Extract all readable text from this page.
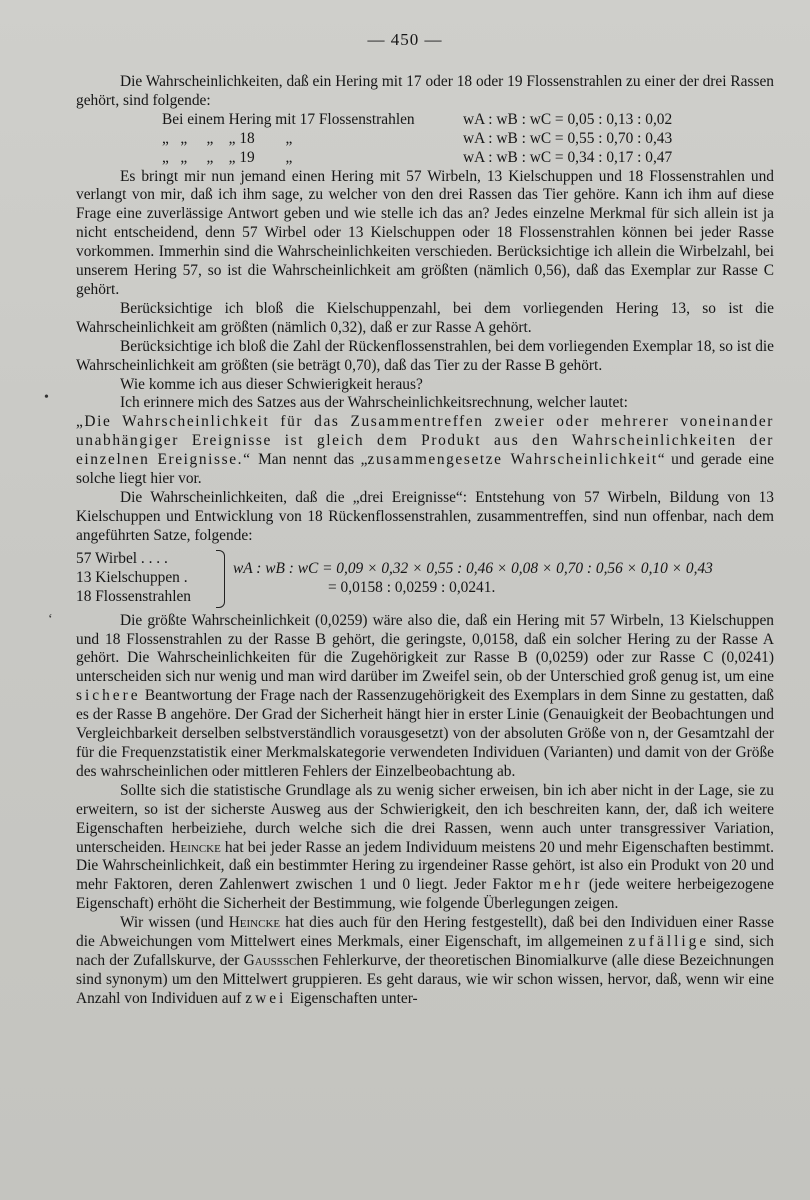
— 450 —
•
ʻ

Die Wahrscheinlichkeiten, daß ein Hering mit 17 oder 18 oder 19 Flossenstrahlen zu einer der drei Rassen gehört, sind folgende:

Bei einem Hering mit 17 Flossenstrahlen	wA : wB : wC = 0,05 : 0,13 : 0,02
„   „     „    „ 18        „	wA : wB : wC = 0,55 : 0,70 : 0,43
„   „     „    „ 19        „	wA : wB : wC = 0,34 : 0,17 : 0,47

Es bringt mir nun jemand einen Hering mit 57 Wirbeln, 13 Kielschuppen und 18 Flossenstrahlen und verlangt von mir, daß ich ihm sage, zu welcher von den drei Rassen das Tier gehöre. Kann ich ihm auf diese Frage eine zuverlässige Antwort geben und wie stelle ich das an? Jedes einzelne Merkmal für sich allein ist ja nicht entscheidend, denn 57 Wirbel oder 13 Kielschuppen oder 18 Flossenstrahlen können bei jeder Rasse vorkommen. Immerhin sind die Wahrscheinlichkeiten verschieden. Berücksichtige ich allein die Wirbelzahl, bei unserem Hering 57, so ist die Wahrscheinlichkeit am größten (nämlich 0,56), daß das Exemplar zur Rasse C gehört.

Berücksichtige ich bloß die Kielschuppenzahl, bei dem vorliegenden Hering 13, so ist die Wahrscheinlichkeit am größten (nämlich 0,32), daß er zur Rasse A gehört.

Berücksichtige ich bloß die Zahl der Rückenflossenstrahlen, bei dem vorliegenden Exemplar 18, so ist die Wahrscheinlichkeit am größten (sie beträgt 0,70), daß das Tier zu der Rasse B gehört.

Wie komme ich aus dieser Schwierigkeit heraus?

Ich erinnere mich des Satzes aus der Wahrscheinlichkeitsrechnung, welcher lautet:

„Die Wahrscheinlichkeit für das Zusammentreffen zweier oder mehrerer voneinander unabhängiger Ereignisse ist gleich dem Produkt aus den Wahrscheinlichkeiten der einzelnen Ereignisse.“ Man nennt das „zusammengesetze Wahrscheinlichkeit“ und gerade eine solche liegt hier vor.

Die Wahrscheinlichkeiten, daß die „drei Ereignisse“: Entstehung von 57 Wirbeln, Bildung von 13 Kielschuppen und Entwicklung von 18 Rückenflossenstrahlen, zusammentreffen, sind nun offenbar, nach dem angeführten Satze, folgende:

57 Wirbel . . . .
13 Kielschuppen .
18 Flossenstrahlen
wA : wB : wC = 0,09 × 0,32 × 0,55 : 0,46 × 0,08 × 0,70 : 0,56 × 0,10 × 0,43
= 0,0158 : 0,0259 : 0,0241.

Die größte Wahrscheinlichkeit (0,0259) wäre also die, daß ein Hering mit 57 Wirbeln, 13 Kielschuppen und 18 Flossenstrahlen zu der Rasse B gehört, die geringste, 0,0158, daß ein solcher Hering zu der Rasse A gehört. Die Wahrscheinlichkeiten für die Zugehörigkeit zur Rasse B (0,0259) oder zur Rasse C (0,0241) unterscheiden sich nur wenig und man wird darüber im Zweifel sein, ob der Unterschied groß genug ist, um eine sichere Beantwortung der Frage nach der Rassenzugehörigkeit des Exemplars in dem Sinne zu gestatten, daß es der Rasse B angehöre. Der Grad der Sicherheit hängt hier in erster Linie (Genauigkeit der Beobachtungen und Vergleichbarkeit derselben selbstverständlich vorausgesetzt) von der absoluten Größe von n, der Gesamtzahl der für die Frequenzstatistik einer Merkmalskategorie verwendeten Individuen (Varianten) und damit von der Größe des wahrscheinlichen oder mittleren Fehlers der Einzelbeobachtung ab.

Sollte sich die statistische Grundlage als zu wenig sicher erweisen, bin ich aber nicht in der Lage, sie zu erweitern, so ist der sicherste Ausweg aus der Schwierigkeit, den ich beschreiten kann, der, daß ich weitere Eigenschaften herbeiziehe, durch welche sich die drei Rassen, wenn auch unter transgressiver Variation, unterscheiden. Heincke hat bei jeder Rasse an jedem Individuum meistens 20 und mehr Eigenschaften bestimmt. Die Wahrscheinlichkeit, daß ein bestimmter Hering zu irgendeiner Rasse gehört, ist also ein Produkt von 20 und mehr Faktoren, deren Zahlenwert zwischen 1 und 0 liegt. Jeder Faktor mehr (jede weitere herbeigezogene Eigenschaft) erhöht die Sicherheit der Bestimmung, wie folgende Überlegungen zeigen.

Wir wissen (und Heincke hat dies auch für den Hering festgestellt), daß bei den Individuen einer Rasse die Abweichungen vom Mittelwert eines Merkmals, einer Eigenschaft, im allgemeinen zufällige sind, sich nach der Zufallskurve, der Gaussschen Fehlerkurve, der theoretischen Binomialkurve (alle diese Bezeichnungen sind synonym) um den Mittelwert gruppieren. Es geht daraus, wie wir schon wissen, hervor, daß, wenn wir eine Anzahl von Individuen auf zwei Eigenschaften unter-
